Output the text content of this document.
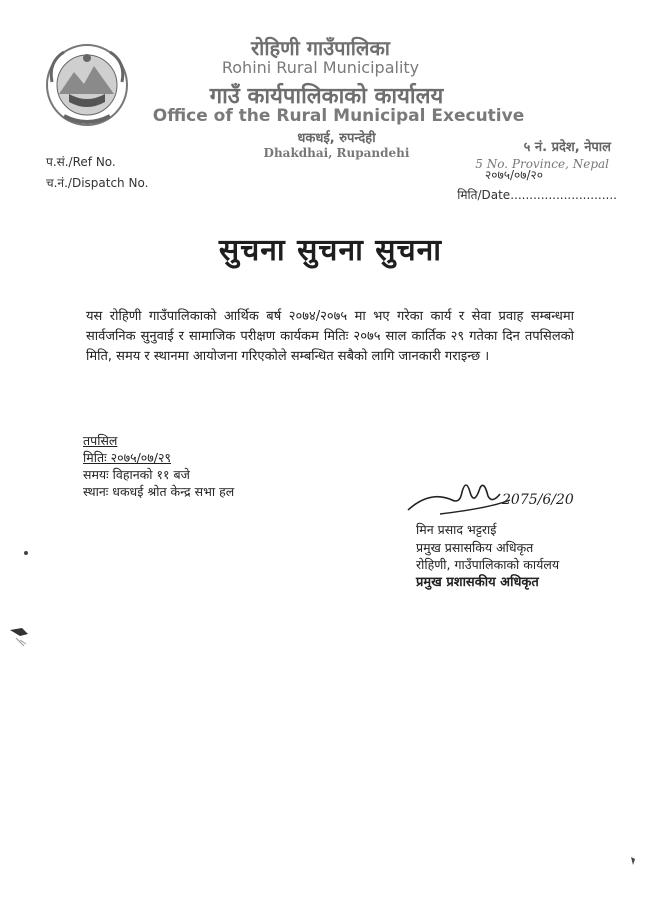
रोहिणी गाउँपालिका
Rohini Rural Municipality
गाउँ कार्यपालिकाको कार्यालय
Office of the Rural Municipal Executive
धकधई, रुपन्देही
Dhakdhai, Rupandehi
प.सं./Ref No.
च.नं./Dispatch No.
५ नं. प्रदेश, नेपाल
5 No. Province, Nepal
२०७५/०७/२०
मिति/Date............................
सुचना सुचना सुचना
यस रोहिणी गाउँपालिकाको आर्थिक बर्ष २०७४/२०७५ मा भए गरेका कार्य र सेवा प्रवाह सम्बन्धमा सार्वजनिक सुनुवाई र सामाजिक परीक्षण कार्यकम मितिः २०७५ साल कार्तिक २९ गतेका दिन तपसिलको मिति, समय र स्थानमा आयोजना गरिएकोले सम्बन्धित सबैको लागि जानकारी गराइन्छ ।
तपसिल
मितिः २०७५/०७/२९
समयः विहानको ११ बजे
स्थानः धकधई श्रोत केन्द्र सभा हल
2075/6/20
मिन प्रसाद भट्टराई
प्रमुख प्रसासकिय अधिकृत
रोहिणी, गाउँपालिकाको कार्यलय
प्रमुख प्रशासकीय अधिकृत
